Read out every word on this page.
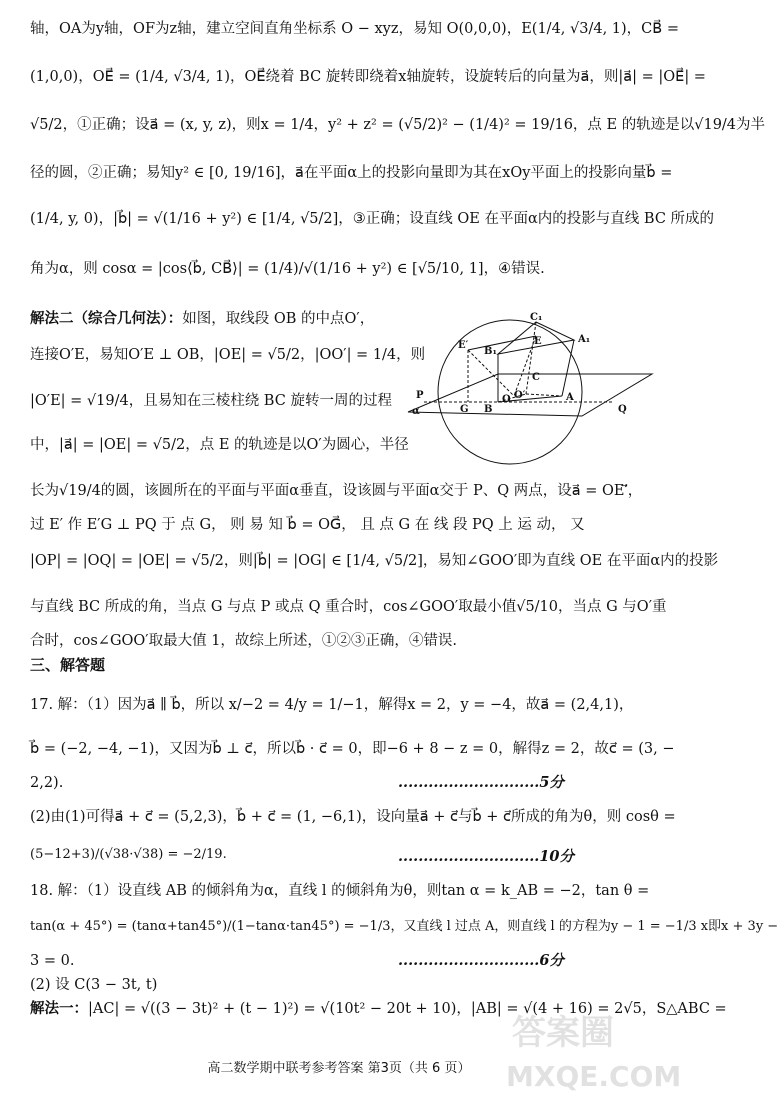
轴，OA为y轴，OF为z轴，建立空间直角坐标系 O − xyz，易知 O(0,0,0)，E(1/4, √3/4, 1)，CB⃗ =
(1,0,0)，OE⃗ = (1/4, √3/4, 1)，OE⃗绕着 BC 旋转即绕着x轴旋转，设旋转后的向量为a⃗，则|a⃗| = |OE⃗| =
√5/2，①正确；设a⃗ = (x, y, z)，则x = 1/4，y² + z² = (√5/2)² − (1/4)² = 19/16，点 E 的轨迹是以√19/4为半
径的圆，②正确；易知y² ∈ [0, 19/16]，a⃗在平面α上的投影向量即为其在xOy平面上的投影向量b⃗ =
(1/4, y, 0)，|b⃗| = √(1/16 + y²) ∈ [1/4, √5/2]，③正确；设直线 OE 在平面α内的投影与直线 BC 所成的
角为α，则 cosα = |cos⟨b⃗, CB⃗⟩| = (1/4)/√(1/16 + y²) ∈ [√5/10, 1]，④错误.
解法二（综合几何法）：如图，取线段 OB 的中点O′，
连接O′E，易知O′E ⊥ OB，|OE| = √5/2，|OO′| = 1/4，则
|O′E| = √19/4，且易知在三棱柱绕 BC 旋转一周的过程
中，|a⃗| = |OE| = √5/2，点 E 的轨迹是以O′为圆心，半径
C₁
A₁
E
E′
B₁
C
P	O′
O
G B
A
Q
α
长为√19/4的圆，该圆所在的平面与平面α垂直，设该圆与平面α交于 P、Q 两点，设a⃗ = OE′⃗，
过 E′ 作 E′G ⊥ PQ 于 点 G， 则 易 知 b⃗ = OG⃗， 且 点 G 在 线 段 PQ 上 运 动， 又
|OP| = |OQ| = |OE| = √5/2，则|b⃗| = |OG| ∈ [1/4, √5/2]，易知∠GOO′即为直线 OE 在平面α内的投影
与直线 BC 所成的角，当点 G 与点 P 或点 Q 重合时，cos∠GOO′取最小值√5/10，当点 G 与O′重
合时，cos∠GOO′取最大值 1，故综上所述，①②③正确，④错误.
三、解答题
17. 解：（1）因为a⃗ ∥ b⃗，所以 x/−2 = 4/y = 1/−1，解得x = 2，y = −4，故a⃗ = (2,4,1)，
b⃗ = (−2, −4, −1)，又因为b⃗ ⊥ c⃗，所以b⃗ · c⃗ = 0，即−6 + 8 − z = 0，解得z = 2，故c⃗ = (3, −
2,2).	............................5分
(2)由(1)可得a⃗ + c⃗ = (5,2,3)，b⃗ + c⃗ = (1, −6,1)，设向量a⃗ + c⃗与b⃗ + c⃗所成的角为θ，则 cosθ =
(5−12+3)/(√38·√38) = −2/19.	............................10分
18. 解：（1）设直线 AB 的倾斜角为α，直线 l 的倾斜角为θ，则tan α = k_AB = −2，tan θ =
tan(α + 45°) = (tanα+tan45°)/(1−tanα·tan45°) = −1/3，又直线 l 过点 A，则直线 l 的方程为y − 1 = −1/3 x即x + 3y −
3 = 0.	............................6分
(2) 设 C(3 − 3t, t)
解法一：|AC| = √((3 − 3t)² + (t − 1)²) = √(10t² − 20t + 10)，|AB| = √(4 + 16) = 2√5，S△ABC =
答案圈
MXQE.COM
高二数学期中联考参考答案 第3页（共 6 页）
